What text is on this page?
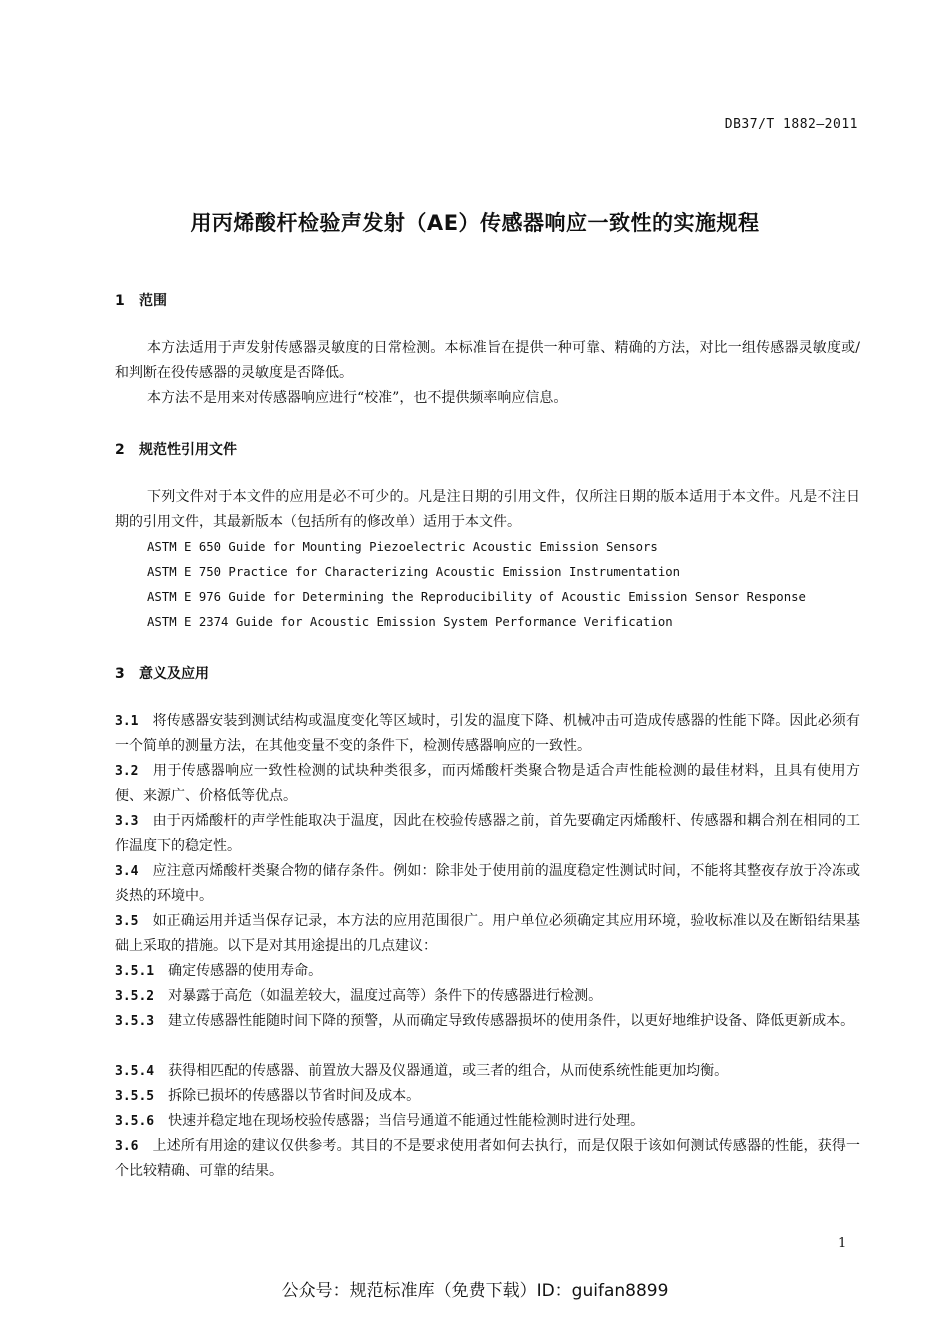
DB37/T 1882—2011
用丙烯酸杆检验声发射（AE）传感器响应一致性的实施规程
1 范围
本方法适用于声发射传感器灵敏度的日常检测。本标准旨在提供一种可靠、精确的方法，对比一组传感器灵敏度或/和判断在役传感器的灵敏度是否降低。
本方法不是用来对传感器响应进行“校准”，也不提供频率响应信息。
2 规范性引用文件
下列文件对于本文件的应用是必不可少的。凡是注日期的引用文件，仅所注日期的版本适用于本文件。凡是不注日期的引用文件，其最新版本（包括所有的修改单）适用于本文件。
ASTM E 650 Guide for Mounting Piezoelectric Acoustic Emission Sensors
ASTM E 750 Practice for Characterizing Acoustic Emission Instrumentation
ASTM E 976 Guide for Determining the Reproducibility of Acoustic Emission Sensor Response
ASTM E 2374 Guide for Acoustic Emission System Performance Verification
3 意义及应用
3.1 将传感器安装到测试结构或温度变化等区域时，引发的温度下降、机械冲击可造成传感器的性能下降。因此必须有一个简单的测量方法，在其他变量不变的条件下，检测传感器响应的一致性。
3.2 用于传感器响应一致性检测的试块种类很多，而丙烯酸杆类聚合物是适合声性能检测的最佳材料，且具有使用方便、来源广、价格低等优点。
3.3 由于丙烯酸杆的声学性能取决于温度，因此在校验传感器之前，首先要确定丙烯酸杆、传感器和耦合剂在相同的工作温度下的稳定性。
3.4 应注意丙烯酸杆类聚合物的储存条件。例如：除非处于使用前的温度稳定性测试时间，不能将其整夜存放于冷冻或炎热的环境中。
3.5 如正确运用并适当保存记录，本方法的应用范围很广。用户单位必须确定其应用环境，验收标准以及在断铅结果基础上采取的措施。以下是对其用途提出的几点建议：
3.5.1 确定传感器的使用寿命。
3.5.2 对暴露于高危（如温差较大，温度过高等）条件下的传感器进行检测。
3.5.3 建立传感器性能随时间下降的预警，从而确定导致传感器损坏的使用条件，以更好地维护设备、降低更新成本。
3.5.4 获得相匹配的传感器、前置放大器及仪器通道，或三者的组合，从而使系统性能更加均衡。
3.5.5 拆除已损坏的传感器以节省时间及成本。
3.5.6 快速并稳定地在现场校验传感器；当信号通道不能通过性能检测时进行处理。
3.6 上述所有用途的建议仅供参考。其目的不是要求使用者如何去执行，而是仅限于该如何测试传感器的性能，获得一个比较精确、可靠的结果。
1
公众号：规范标准库（免费下载）ID：guifan8899
